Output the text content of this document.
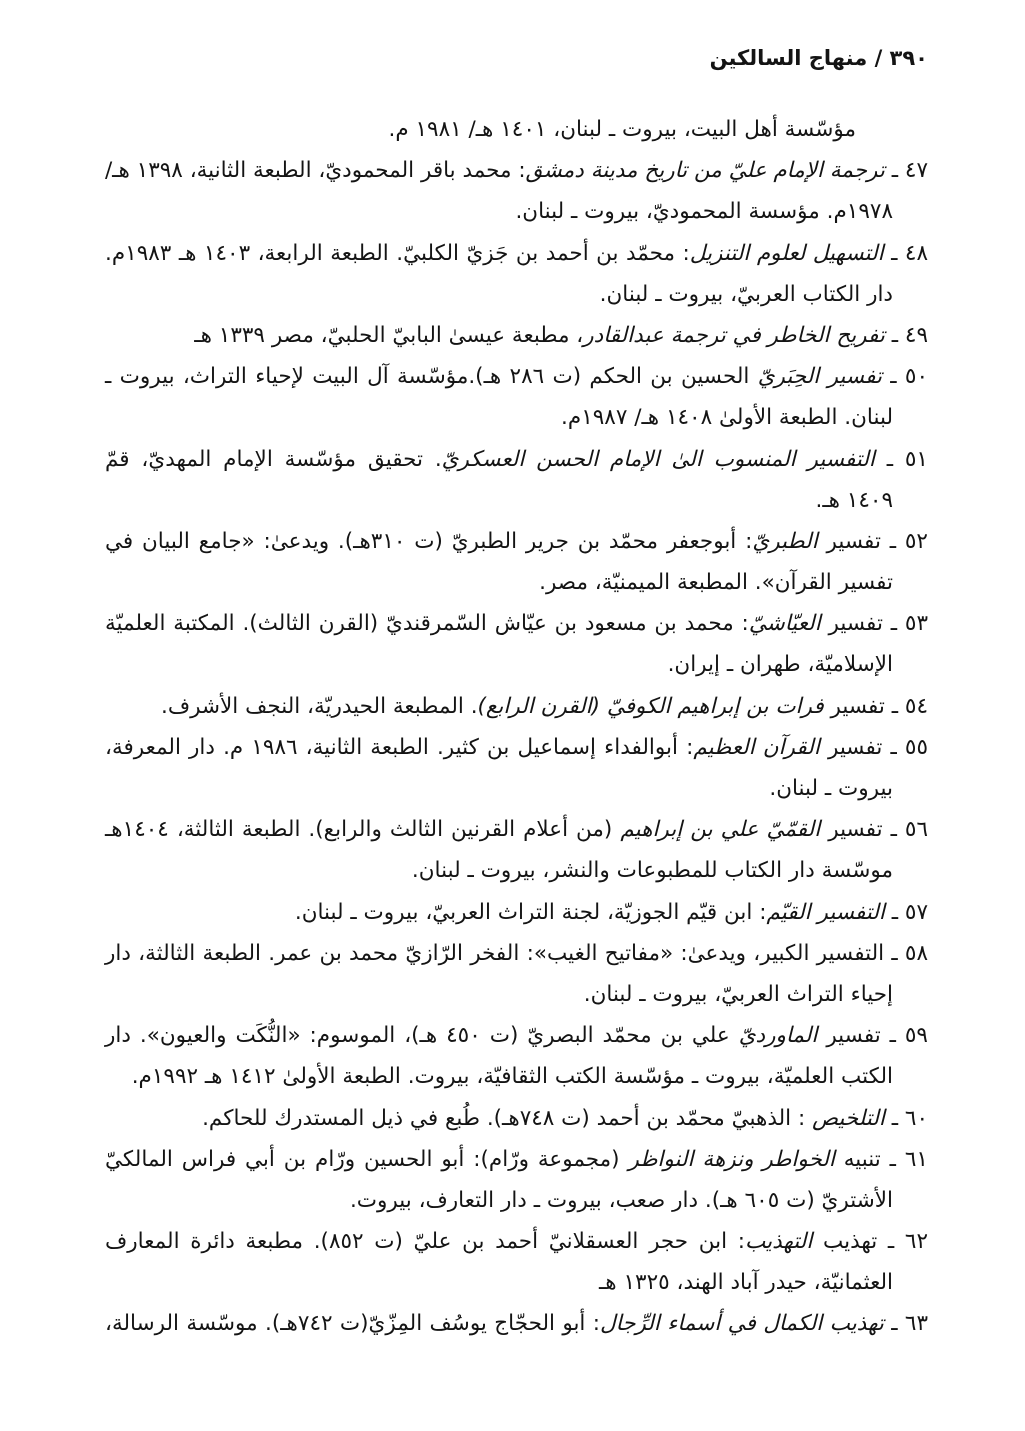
٣٩٠ / منهاج السالكين
مؤسّسة أهل البيت، بيروت ـ لبنان، ١٤٠١ هـ/ ١٩٨١ م.
٤٧ ـ ترجمة الإمام عليّ من تاريخ مدينة دمشق: محمد باقر المحموديّ، الطبعة الثانية، ١٣٩٨ هـ/
١٩٧٨م. مؤسسة المحموديّ، بيروت ـ لبنان.
٤٨ ـ التسهيل لعلوم التنزيل: محمّد بن أحمد بن جَزيّ الكلبيّ. الطبعة الرابعة، ١٤٠٣ هـ ١٩٨٣م.
دار الكتاب العربيّ، بيروت ـ لبنان.
٤٩ ـ تفريح الخاطر في ترجمة عبدالقادر، مطبعة عيسىٰ البابيّ الحلبيّ، مصر ١٣٣٩ هـ
٥٠ ـ تفسير الحِبَريّ الحسين بن الحكم (ت ٢٨٦ هـ).مؤسّسة آل البيت لإحياء التراث، بيروت ـ
لبنان. الطبعة الأولىٰ ١٤٠٨ هـ/ ١٩٨٧م.
٥١ ـ التفسير المنسوب الىٰ الإمام الحسن العسكريّ. تحقيق مؤسّسة الإمام المهديّ، قمّ
١٤٠٩ هـ.
٥٢ ـ تفسير الطبريّ: أبوجعفر محمّد بن جرير الطبريّ (ت ٣١٠هـ). ويدعىٰ: «جامع البيان في
تفسير القرآن». المطبعة الميمنيّة، مصر.
٥٣ ـ تفسير العيّاشيّ: محمد بن مسعود بن عيّاش السّمرقنديّ (القرن الثالث). المكتبة العلميّة
الإسلاميّة، طهران ـ إيران.
٥٤ ـ تفسير فرات بن إبراهيم الكوفيّ (القرن الرابع). المطبعة الحيدريّة، النجف الأشرف.
٥٥ ـ تفسير القرآن العظيم: أبوالفداء إسماعيل بن كثير. الطبعة الثانية، ١٩٨٦ م. دار المعرفة،
بيروت ـ لبنان.
٥٦ ـ تفسير القمّيّ علي بن إبراهيم (من أعلام القرنين الثالث والرابع). الطبعة الثالثة، ١٤٠٤هـ
موسّسة دار الكتاب للمطبوعات والنشر، بيروت ـ لبنان.
٥٧ ـ التفسير القيّم: ابن قيّم الجوزيّة، لجنة التراث العربيّ، بيروت ـ لبنان.
٥٨ ـ التفسير الكبير، ويدعىٰ: «مفاتيح الغيب»: الفخر الرّازيّ محمد بن عمر. الطبعة الثالثة، دار
إحياء التراث العربيّ، بيروت ـ لبنان.
٥٩ ـ تفسير الماورديّ علي بن محمّد البصريّ (ت ٤٥٠ هـ)، الموسوم: «النُّكَت والعيون». دار
الكتب العلميّة، بيروت ـ مؤسّسة الكتب الثقافيّة، بيروت. الطبعة الأولىٰ ١٤١٢ هـ ١٩٩٢م.
٦٠ ـ التلخيص : الذهبيّ محمّد بن أحمد (ت ٧٤٨هـ). طُبع في ذيل المستدرك للحاكم.
٦١ ـ تنبيه الخواطر ونزهة النواظر (مجموعة ورّام): أبو الحسين ورّام بن أبي فراس المالكيّ
الأشتريّ (ت ٦٠٥ هـ). دار صعب، بيروت ـ دار التعارف، بيروت.
٦٢ ـ تهذيب التهذيب: ابن حجر العسقلانيّ أحمد بن عليّ (ت ٨٥٢). مطبعة دائرة المعارف
العثمانيّة، حيدر آباد الهند، ١٣٢٥ هـ
٦٣ ـ تهذيب الكمال في أسماء الرِّجال: أبو الحجّاج يوسُف المِزّيّ(ت ٧٤٢هـ). موسّسة الرسالة،
